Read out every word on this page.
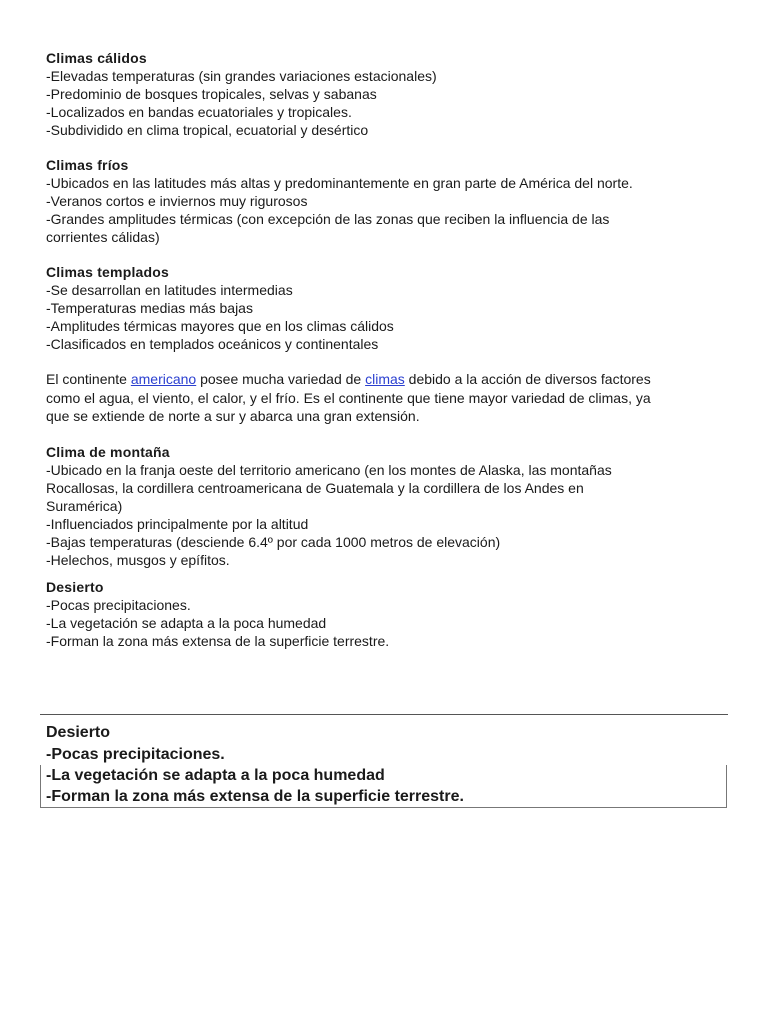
Climas cálidos

-Elevadas temperaturas (sin grandes variaciones estacionales)

-Predominio de bosques tropicales, selvas y sabanas

-Localizados en bandas ecuatoriales y tropicales.

-Subdividido en clima tropical, ecuatorial y desértico

Climas fríos

-Ubicados en las latitudes más altas y predominantemente en gran parte de América del norte.

-Veranos cortos e inviernos muy rigurosos

-Grandes amplitudes térmicas (con excepción de las zonas que reciben la influencia de las

corrientes cálidas)

Climas templados

-Se desarrollan en latitudes intermedias

-Temperaturas medias más bajas

-Amplitudes térmicas mayores que en los climas cálidos

-Clasificados en templados oceánicos y continentales

El continente americano posee mucha variedad de climas debido a la acción de diversos factores

como el agua, el viento, el calor, y el frío. Es el continente que tiene mayor variedad de climas, ya

que se extiende de norte a sur y abarca una gran extensión.

Clima de montaña

-Ubicado en la franja oeste del territorio americano (en los montes de Alaska, las montañas

Rocallosas, la cordillera centroamericana de Guatemala y la cordillera de los Andes en

Suramérica)

-Influenciados principalmente por la altitud

-Bajas temperaturas (desciende 6.4º por cada 1000 metros de elevación)

-Helechos, musgos y epífitos.

Desierto

-Pocas precipitaciones.

-La vegetación se adapta a la poca humedad

-Forman la zona más extensa de la superficie terrestre.

Desierto

-Pocas precipitaciones.

-La vegetación se adapta a la poca humedad

-Forman la zona más extensa de la superficie terrestre.
